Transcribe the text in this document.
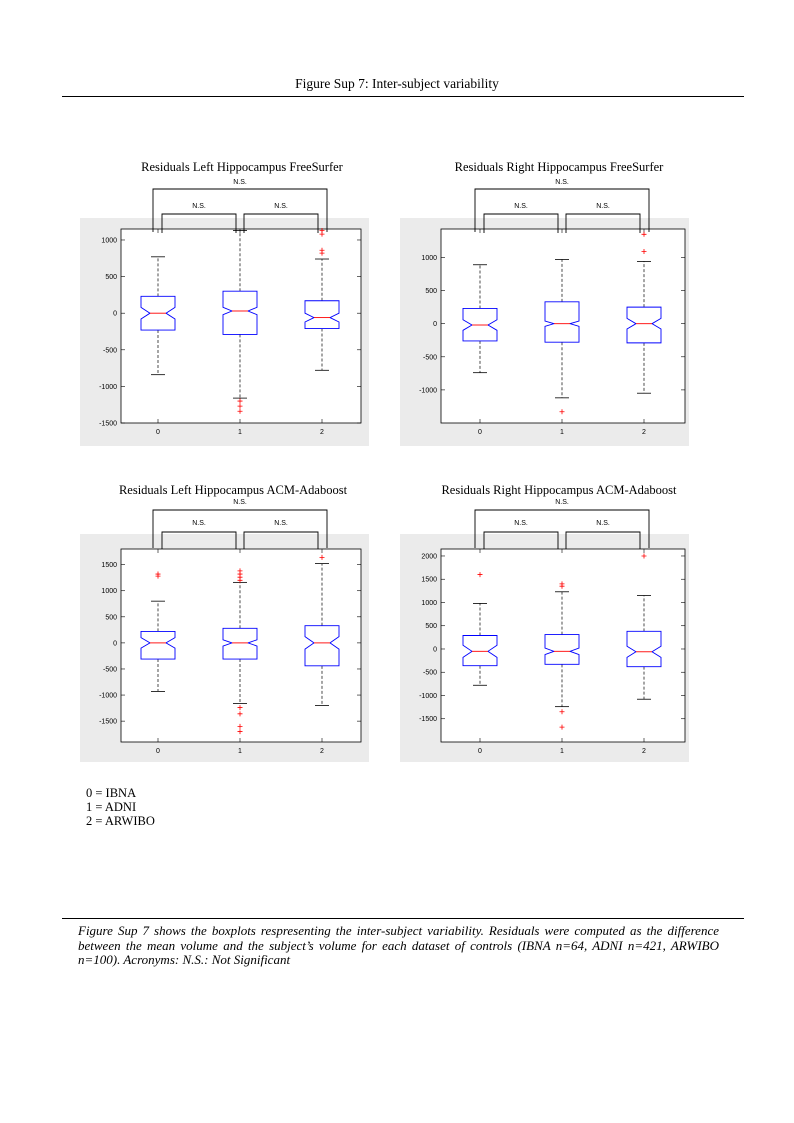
Figure Sup 7: Inter-subject variability
Residuals Left Hippocampus FreeSurfer	Residuals Right Hippocampus FreeSurfer
Residuals Left Hippocampus ACM-Adaboost	Residuals Right Hippocampus ACM-Adaboost
-1500
-1000
-500
0
500
1000
0	1	2
N.S.
N.S.	N.S.
-1000
-500
0
500
1000
0	1	2
N.S.
N.S.	N.S.
-1500
-1000
-500
0
500
1000
1500
0	1	2
N.S.
N.S.	N.S.
-1500
-1000
-500
0
500
1000
1500
2000
0	1	2
N.S.
N.S.	N.S.
0 = IBNA
1 = ADNI
2 = ARWIBO
Figure Sup 7 shows the boxplots respresenting the inter-subject variability. Residuals were computed as the difference between the mean volume and the subject’s volume for each dataset of controls (IBNA n=64, ADNI n=421, ARWIBO n=100). Acronyms: N.S.: Not Significant
